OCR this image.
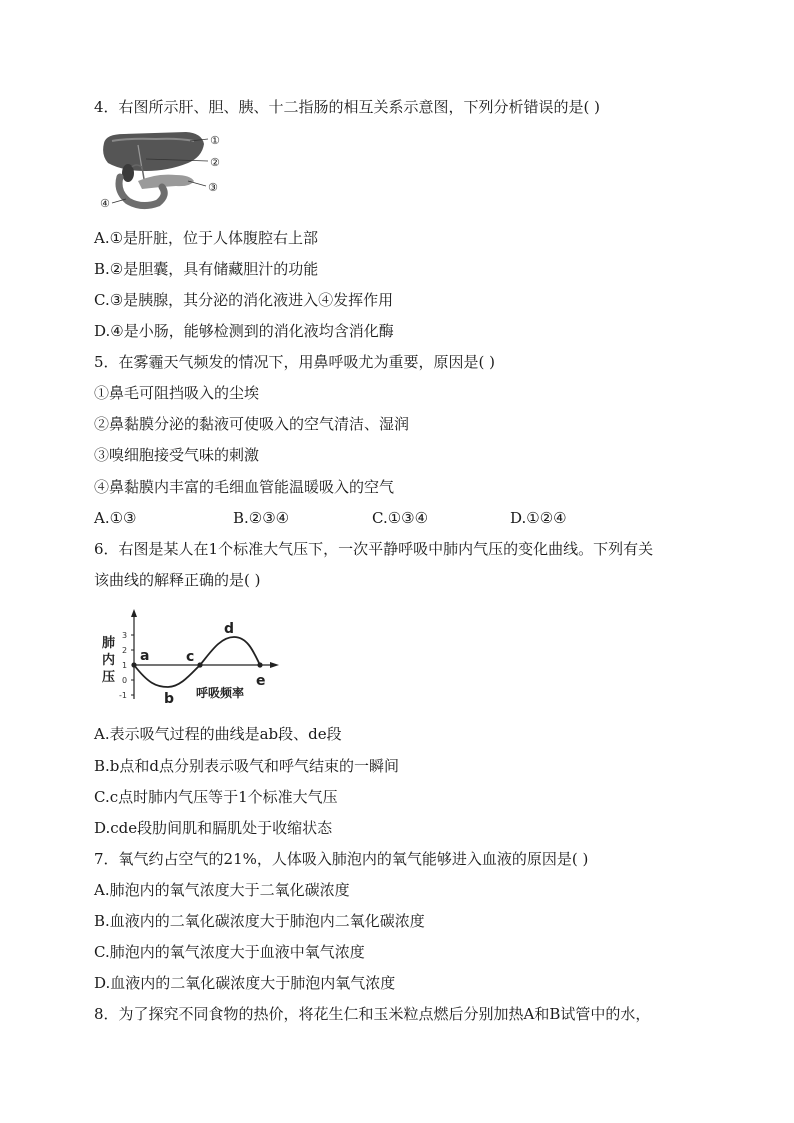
4．右图所示肝、胆、胰、十二指肠的相互关系示意图，下列分析错误的是( )
①
②
③
④
A.①是肝脏，位于人体腹腔右上部
B.②是胆囊，具有储藏胆汁的功能
C.③是胰腺，其分泌的消化液进入④发挥作用
D.④是小肠，能够检测到的消化液均含消化酶
5．在雾霾天气频发的情况下，用鼻呼吸尤为重要，原因是( )
①鼻毛可阻挡吸入的尘埃
②鼻黏膜分泌的黏液可使吸入的空气清洁、湿润
③嗅细胞接受气味的刺激
④鼻黏膜内丰富的毛细血管能温暖吸入的空气
A.①③	B.②③④	C.①③④	D.①②④
6．右图是某人在1个标准大气压下，一次平静呼吸中肺内气压的变化曲线。下列有关
该曲线的解释正确的是( )
肺
内
压
3
2
1
0
-1
a
b
c
d
e
呼吸频率
A.表示吸气过程的曲线是ab段、de段
B.b点和d点分别表示吸气和呼气结束的一瞬间
C.c点时肺内气压等于1个标准大气压
D.cde段肋间肌和膈肌处于收缩状态
7．氧气约占空气的21%，人体吸入肺泡内的氧气能够进入血液的原因是( )
A.肺泡内的氧气浓度大于二氧化碳浓度
B.血液内的二氧化碳浓度大于肺泡内二氧化碳浓度
C.肺泡内的氧气浓度大于血液中氧气浓度
D.血液内的二氧化碳浓度大于肺泡内氧气浓度
8．为了探究不同食物的热价，将花生仁和玉米粒点燃后分别加热A和B试管中的水，
